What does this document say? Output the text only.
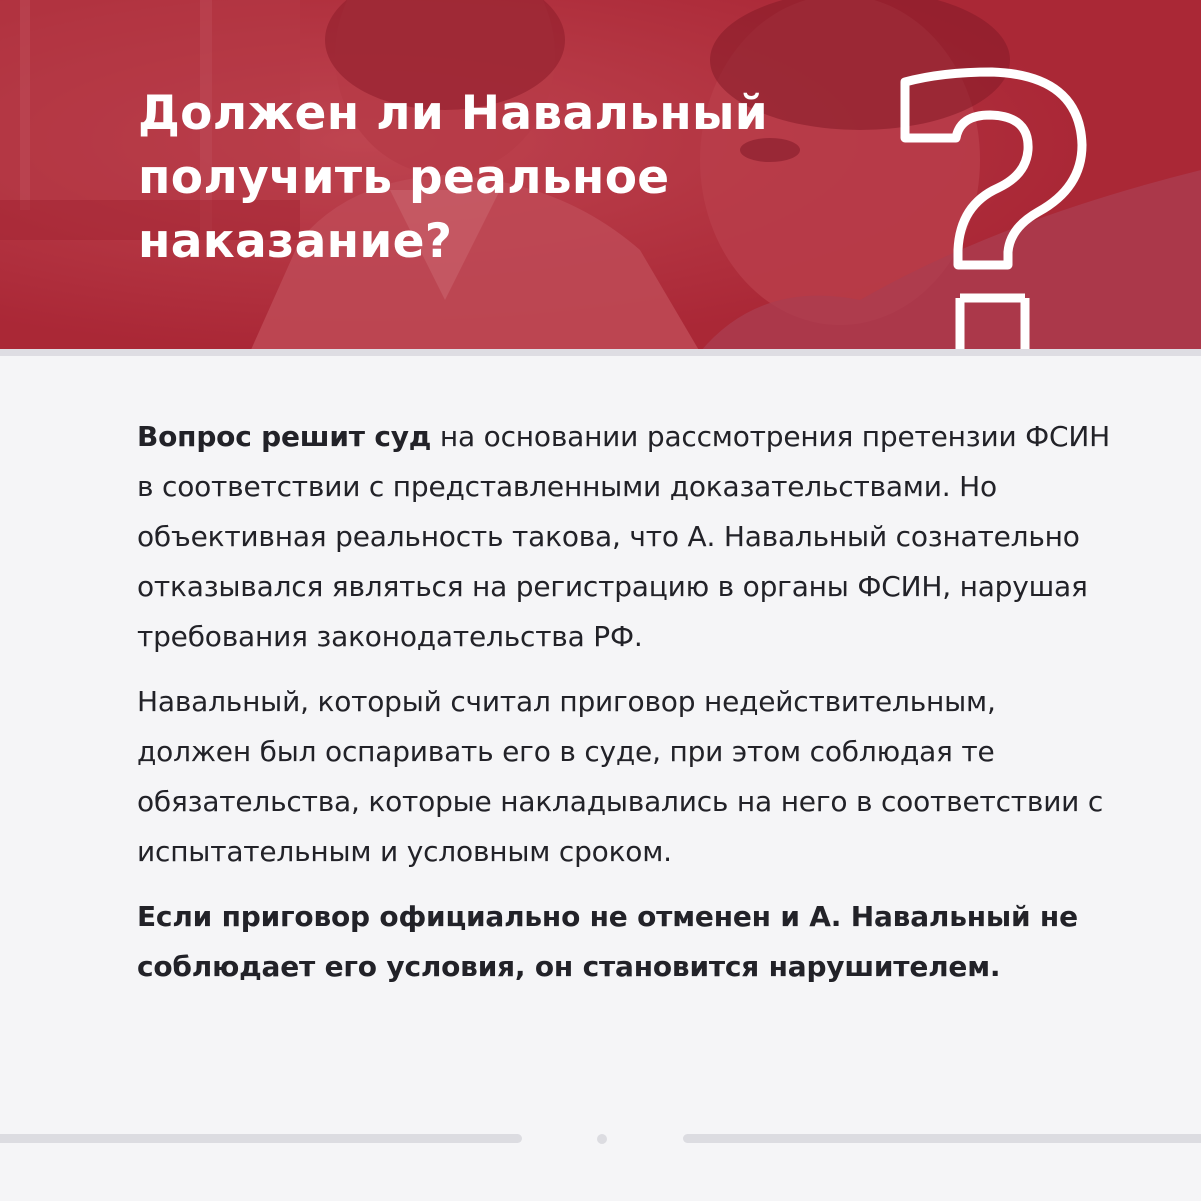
Должен ли Навальный
получить реальное
наказание?

Вопрос решит суд на основании рассмотрения претензии ФСИН в соответствии с представленными доказательствами. Но объективная реальность такова, что А. Навальный сознательно отказывался являться на регистрацию в органы ФСИН, нарушая требования законодательства РФ.

Навальный, который считал приговор недействительным, должен был оспаривать его в суде, при этом соблюдая те обязательства, которые накладывались на него в соответствии с испытательным и условным сроком.

Если приговор официально не отменен и А. Навальный не соблюдает его условия, он становится нарушителем.
